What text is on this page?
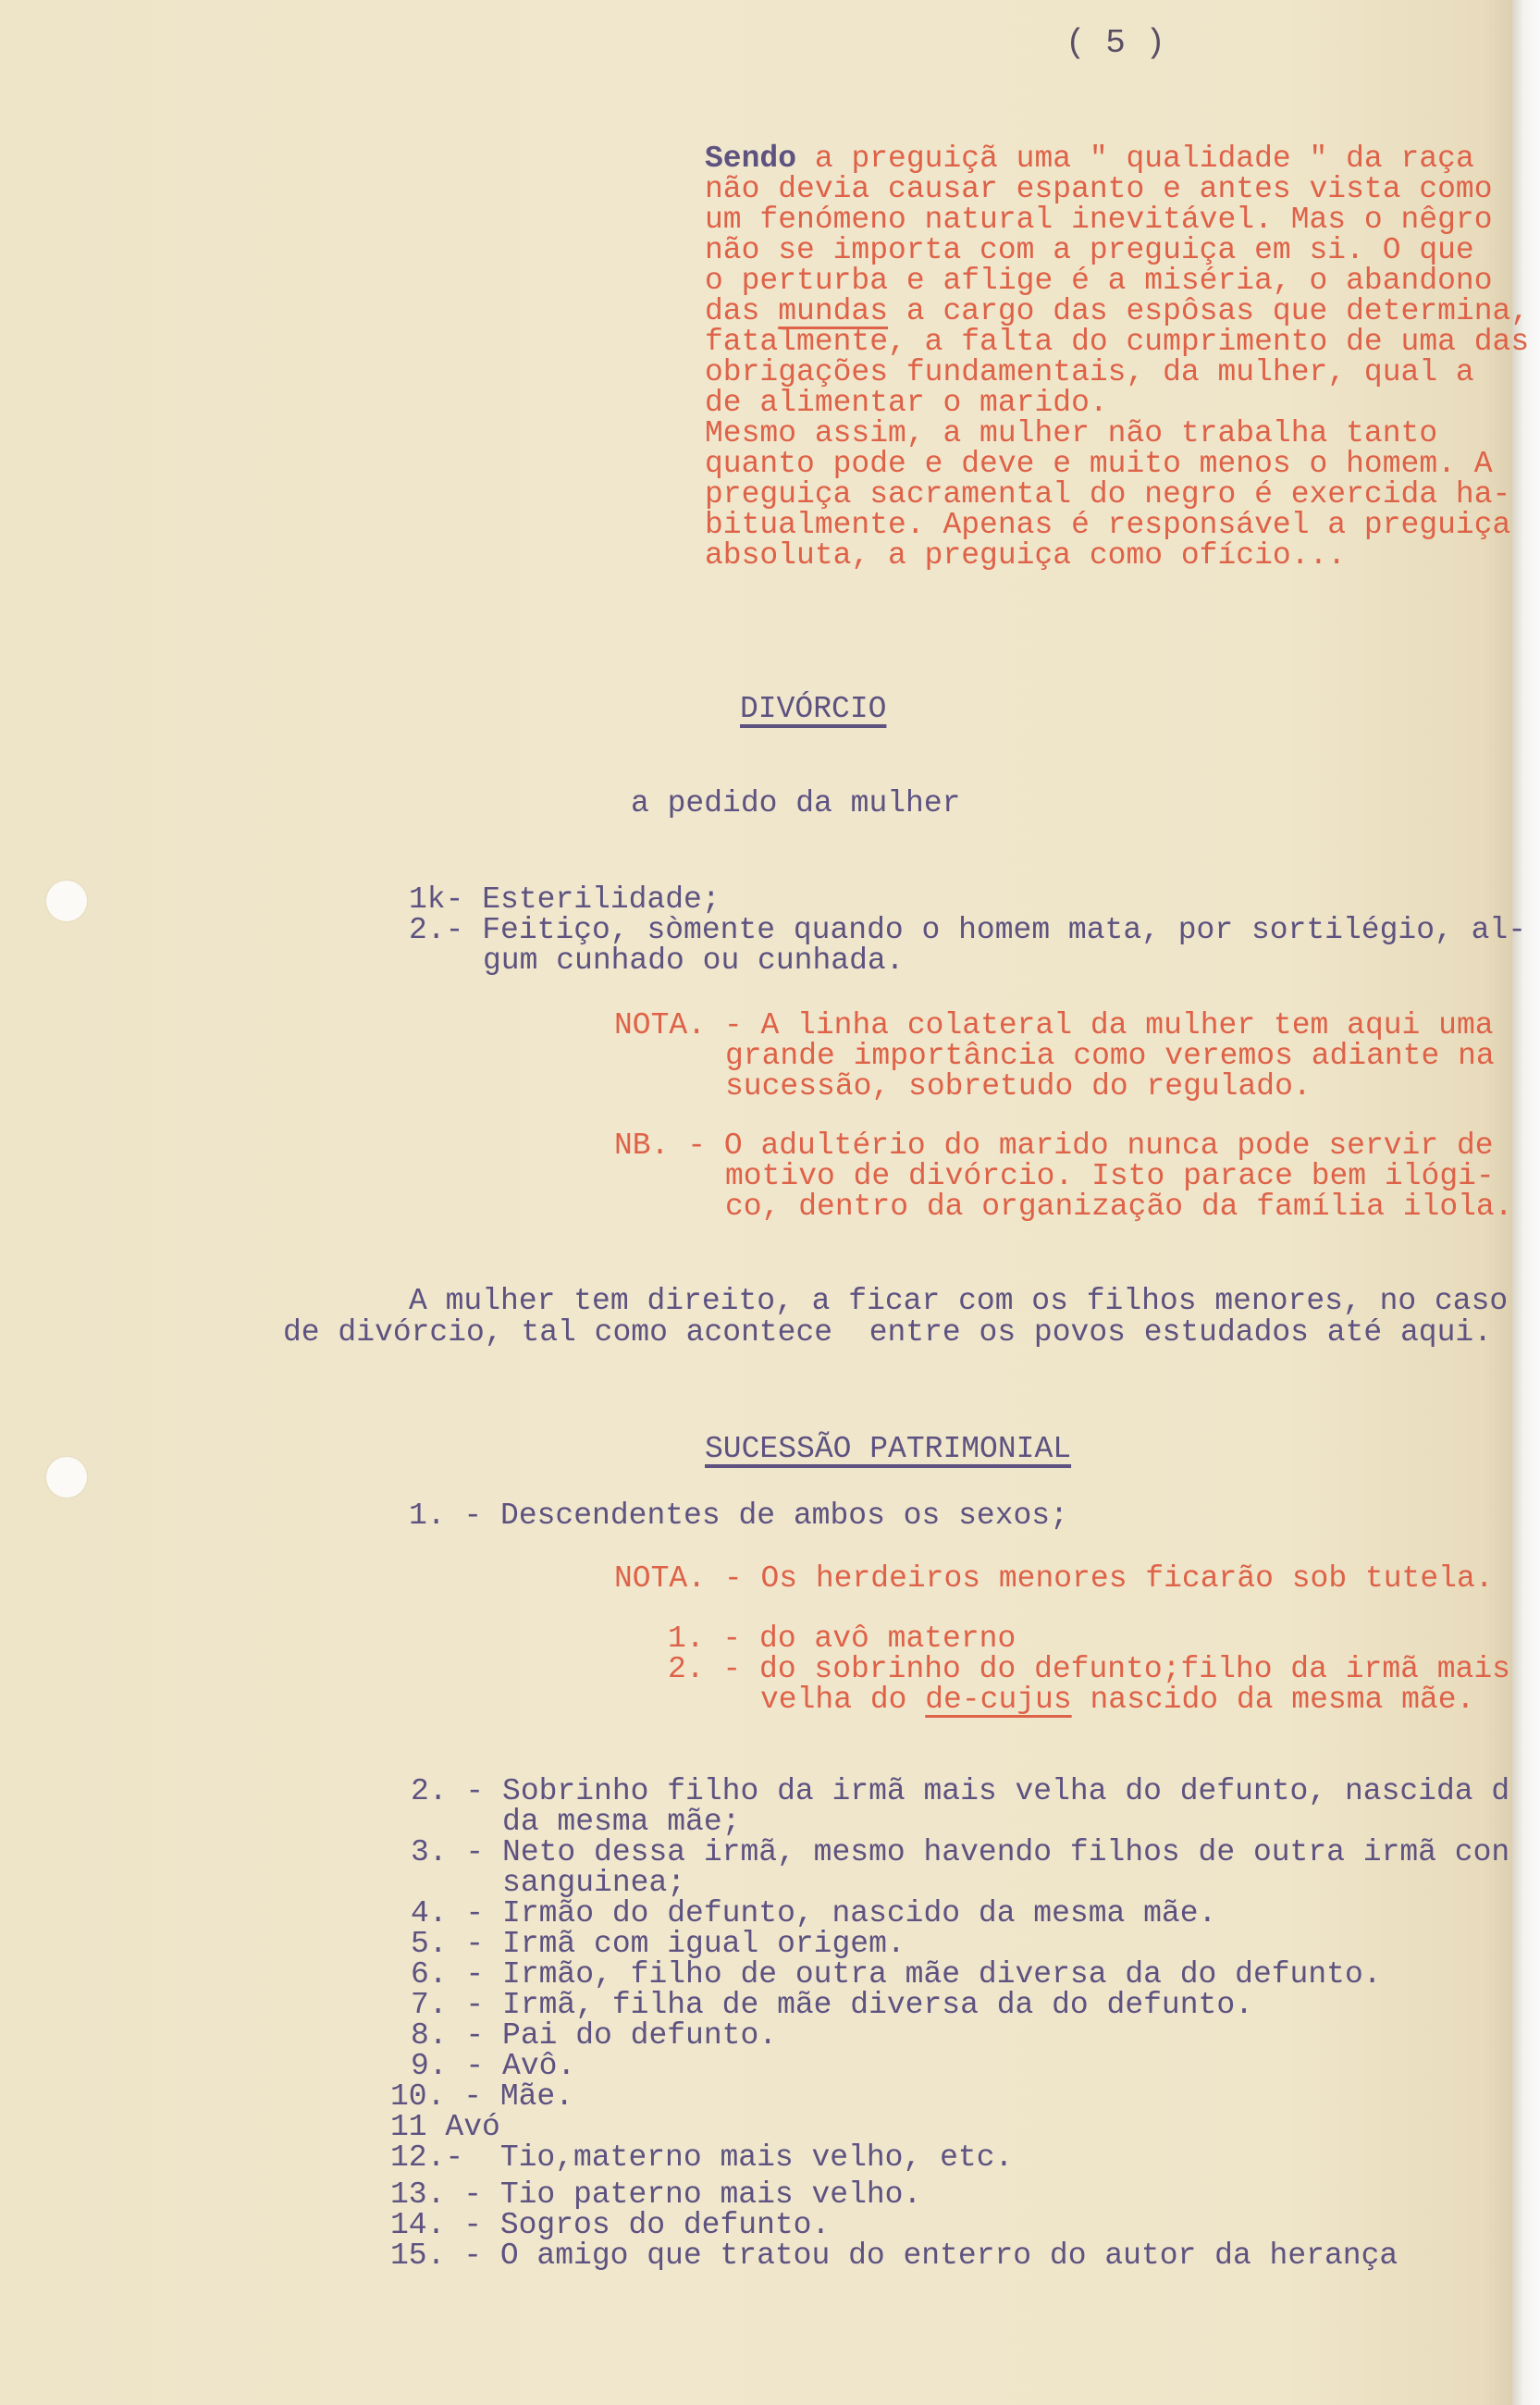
( 5 )
Sendo a preguiçã uma " qualidade " da raça
não devia causar espanto e antes vista como
um fenómeno natural inevitável. Mas o nêgro
não se importa com a preguiça em si. O que
o perturba e aflige é a miséria, o abandono
das mundas a cargo das espôsas que determina,
fatalmente, a falta do cumprimento de uma das
obrigações fundamentais, da mulher, qual a
de alimentar o marido.
Mesmo assim, a mulher não trabalha tanto
quanto pode e deve e muito menos o homem. A
preguiça sacramental do negro é exercida ha-
bitualmente. Apenas é responsável a preguiça
absoluta, a preguiça como ofício...
DIVÓRCIO
a pedido da mulher
1k- Esterilidade;
2.- Feitiço, sòmente quando o homem mata, por sortilégio, al-
gum cunhado ou cunhada.
NOTA. - A linha colateral da mulher tem aqui uma
grande importância como veremos adiante na
sucessão, sobretudo do regulado.
NB. - O adultério do marido nunca pode servir de
motivo de divórcio. Isto parace bem ilógi-
co, dentro da organização da família ilola.
A mulher tem direito, a ficar com os filhos menores, no caso
de divórcio, tal como acontece  entre os povos estudados até aqui.
SUCESSÃO PATRIMONIAL
1. - Descendentes de ambos os sexos;
NOTA. - Os herdeiros menores ficarão sob tutela.
1. - do avô materno
2. - do sobrinho do defunto;filho da irmã mais
velha do de-cujus nascido da mesma mãe.
2. - Sobrinho filho da irmã mais velha do defunto, nascida d
da mesma mãe;
3. - Neto dessa irmã, mesmo havendo filhos de outra irmã con
sanguinea;
4. - Irmão do defunto, nascido da mesma mãe.
5. - Irmã com igual origem.
6. - Irmão, filho de outra mãe diversa da do defunto.
7. - Irmã, filha de mãe diversa da do defunto.
8. - Pai do defunto.
9. - Avô.
10. - Mãe.
11 Avó
12.-  Tio,materno mais velho, etc.
13. - Tio paterno mais velho.
14. - Sogros do defunto.
15. - O amigo que tratou do enterro do autor da herança
